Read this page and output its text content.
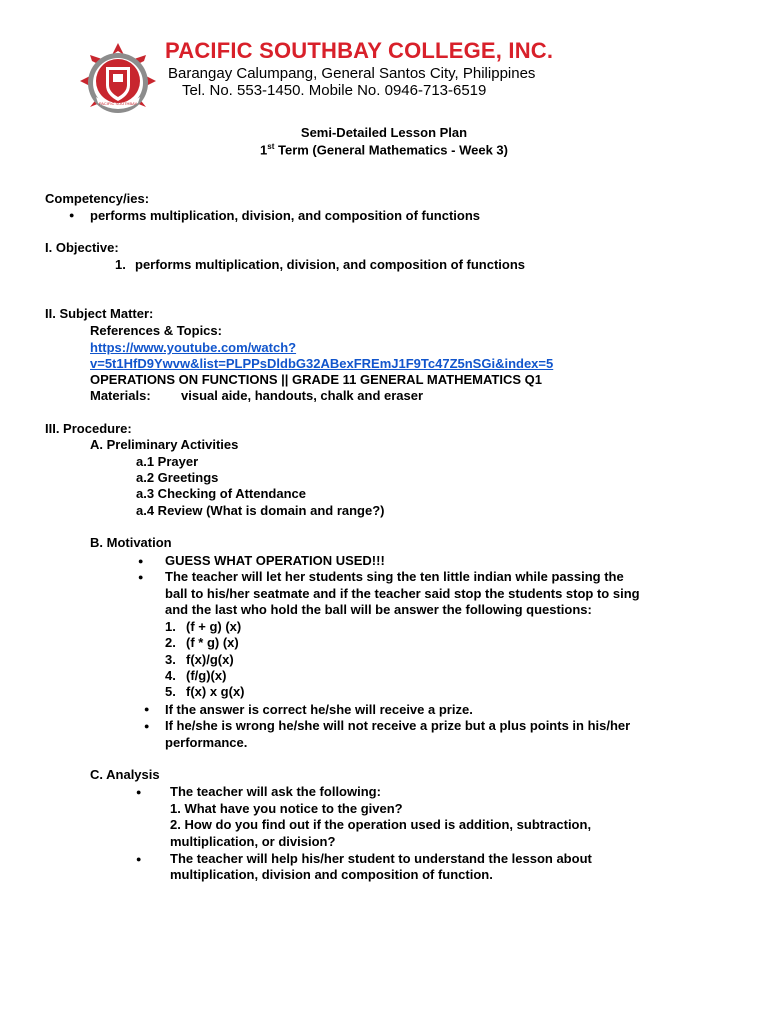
PACIFIC SOUTHBAY
PACIFIC SOUTHBAY COLLEGE, INC.
Barangay Calumpang, General Santos City, Philippines
Tel. No. 553-1450. Mobile No. 0946-713-6519
Semi-Detailed Lesson Plan
1st Term (General Mathematics - Week 3)
Competency/ies:
● performs multiplication, division, and composition of functions
I. Objective:
1. performs multiplication, division, and composition of functions
II. Subject Matter:
References & Topics:
https://www.youtube.com/watch?
v=5t1HfD9Ywvw&list=PLPPsDldbG32ABexFREmJ1F9Tc47Z5nSGi&index=5
OPERATIONS ON FUNCTIONS || GRADE 11 GENERAL MATHEMATICS Q1
Materials: visual aide, handouts, chalk and eraser
III. Procedure:
A. Preliminary Activities
a.1 Prayer
a.2 Greetings
a.3 Checking of Attendance
a.4 Review (What is domain and range?)
B. Motivation
● GUESS WHAT OPERATION USED!!!
● The teacher will let her students sing the ten little indian while passing the
ball to his/her seatmate and if the teacher said stop the students stop to sing
and the last who hold the ball will be answer the following questions:
1. (f + g) (x)
2. (f * g) (x)
3. f(x)/g(x)
4. (f/g)(x)
5. f(x) x g(x)
● If the answer is correct he/she will receive a prize.
● If he/she is wrong he/she will not receive a prize but a plus points in his/her
performance.
C. Analysis
● The teacher will ask the following:
1. What have you notice to the given?
2. How do you find out if the operation used is addition, subtraction,
multiplication, or division?
● The teacher will help his/her student to understand the lesson about
multiplication, division and composition of function.
